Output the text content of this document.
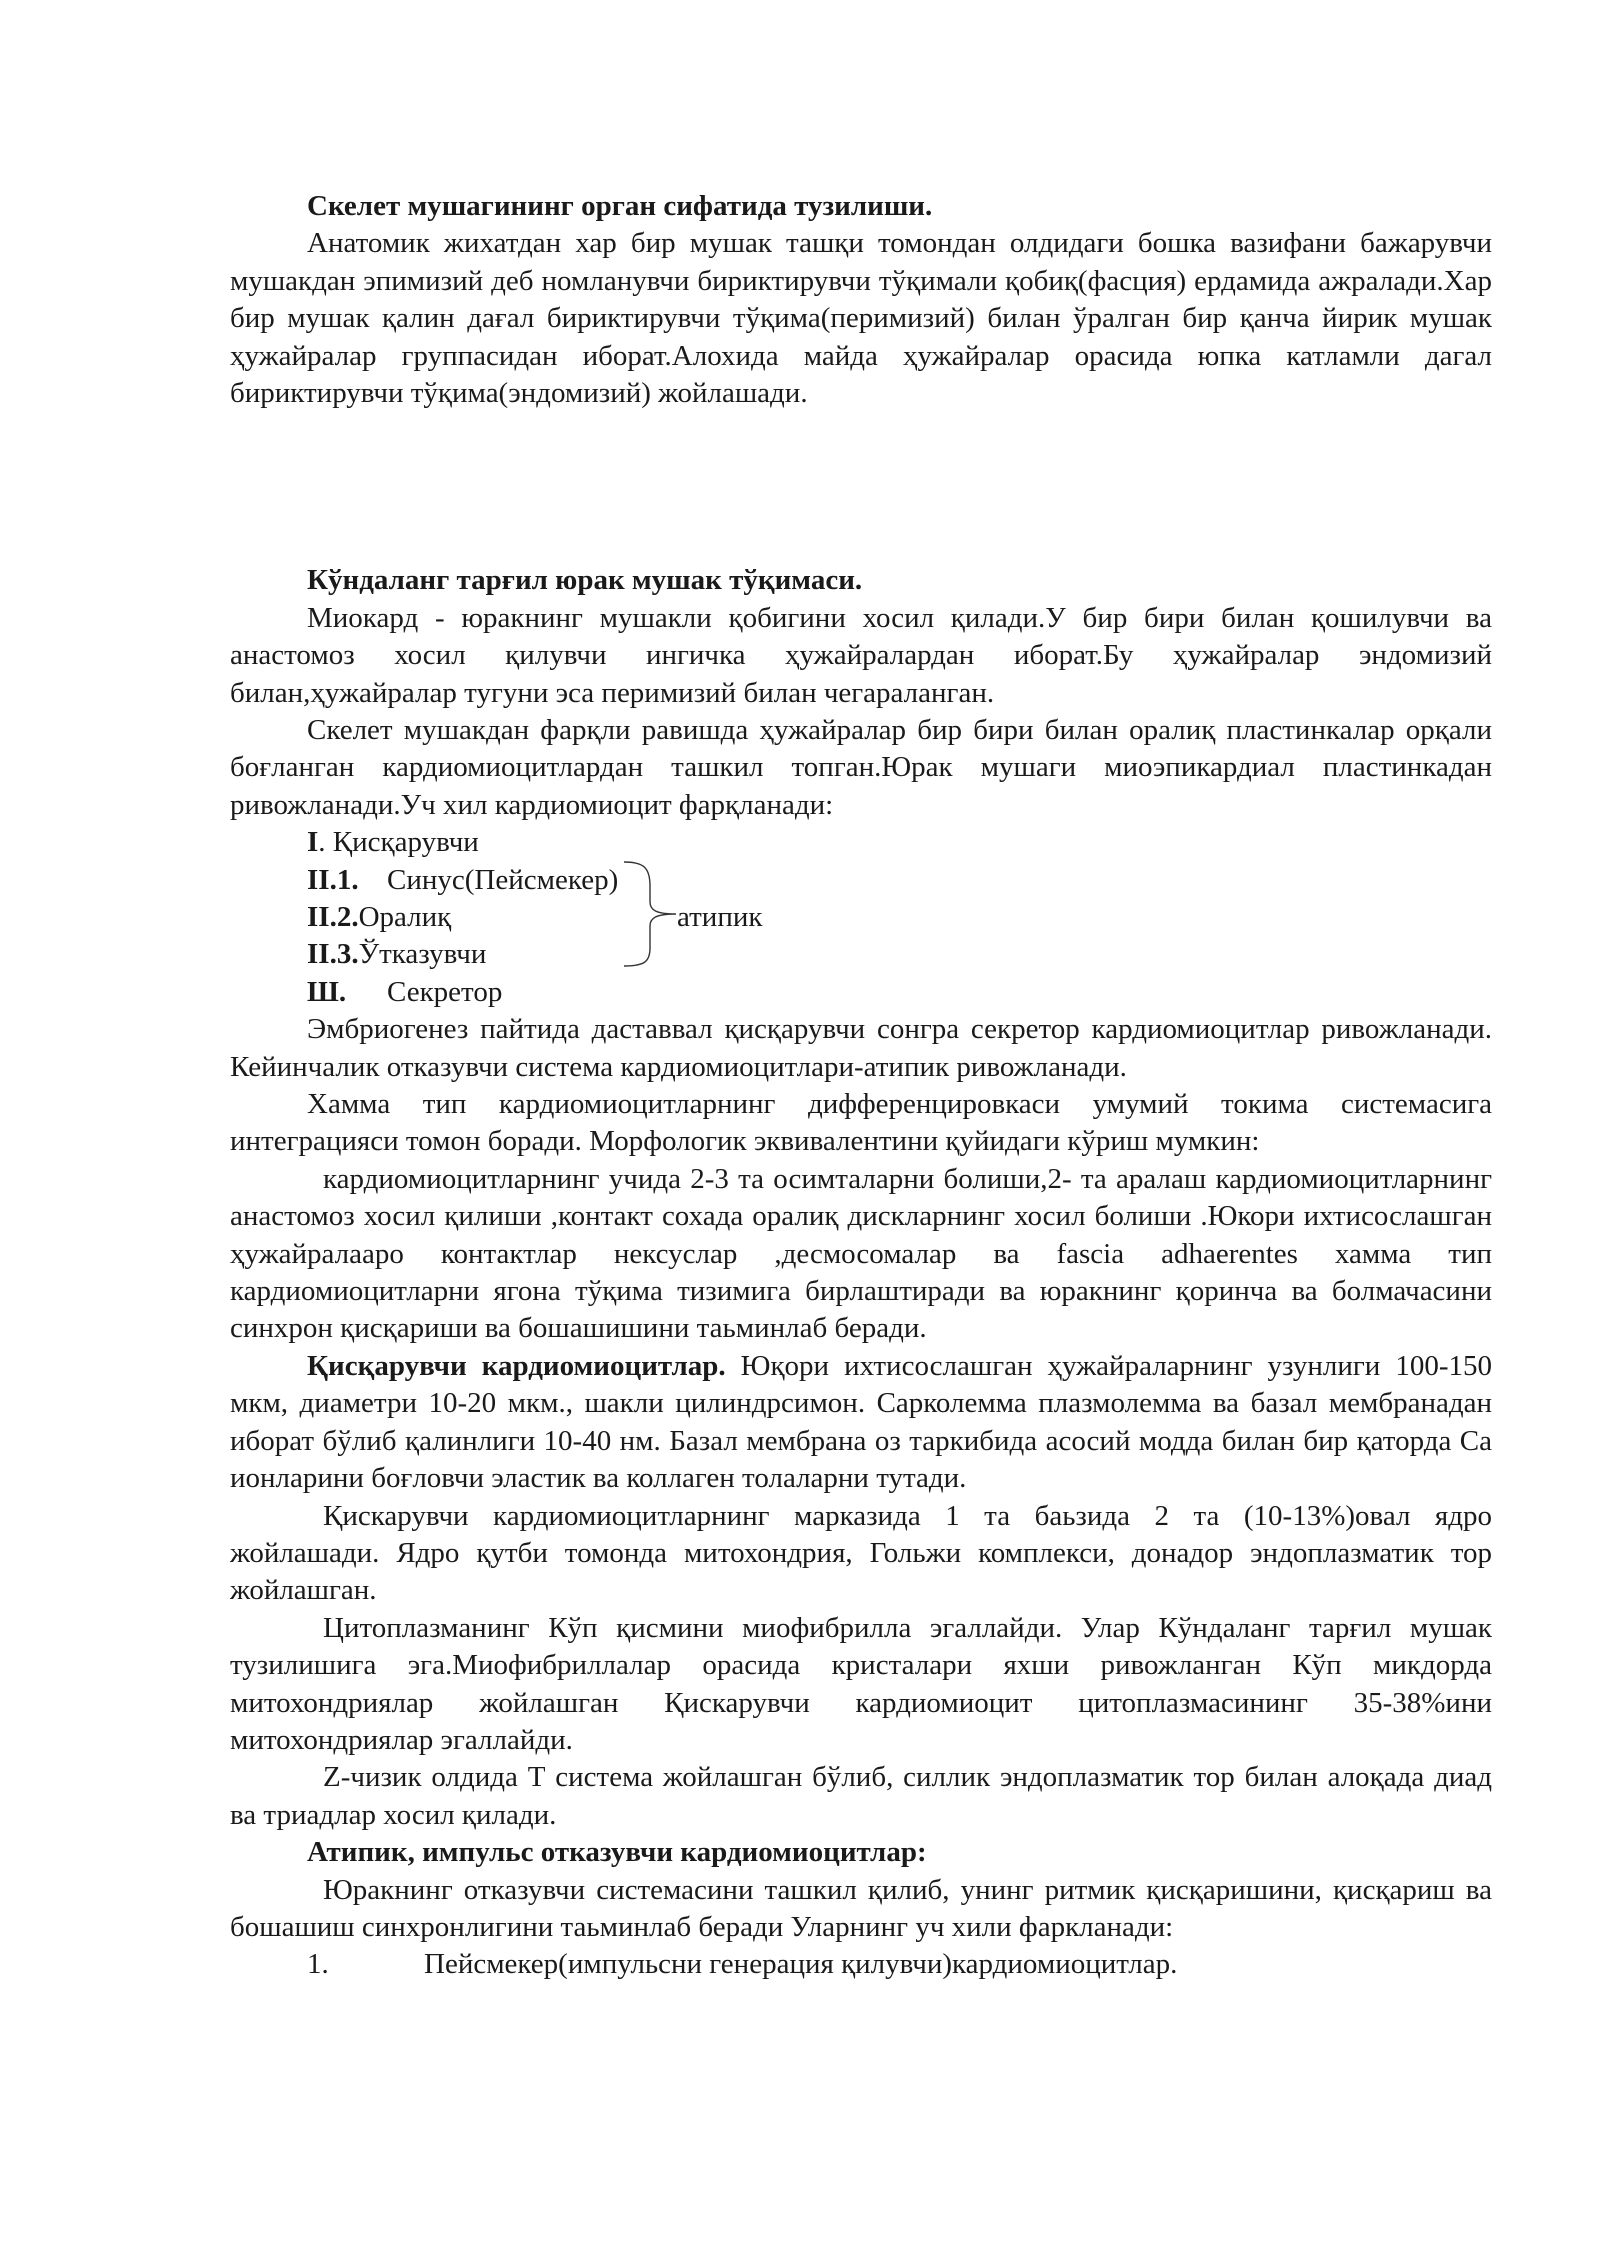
Скелет мушагининг орган сифатида тузилиши.

Анатомик жихатдан хар бир мушак ташқи томондан олдидаги бошка вазифани бажарувчи мушакдан эпимизий деб номланувчи бириктирувчи тўқимали қобиқ(фасция) ердамида ажралади.Хар бир мушак қалин дағал бириктирувчи тўқима(перимизий) билан ўралган бир қанча йирик мушак ҳужайралар группасидан иборат.Алохида майда ҳужайралар орасида юпка катламли дагал бириктирувчи тўқима(эндомизий) жойлашади.

Кўндаланг тарғил юрак мушак тўқимаси.

Миокард - юракнинг мушакли қобигини хосил қилади.У бир бири билан қошилувчи ва анастомоз хосил қилувчи ингичка ҳужайралардан иборат.Бу ҳужайралар эндомизий билан,ҳужайралар тугуни эса перимизий билан чегараланган.

Скелет мушакдан фарқли равишда ҳужайралар бир бири билан оралиқ пластинкалар орқали боғланган кардиомиоцитлардан ташкил топган.Юрак мушаги миоэпикардиал пластинкадан ривожланади.Уч хил кардиомиоцит фарқланади:

I. Қисқарувчи
II.1. Синус(Пейсмекер)
II.2.Оралиқ
II.3.Ўтказувчи
Ш. Секретор
атипик

Эмбриогенез пайтида даставвал қисқарувчи сонгра секретор кардиомиоцитлар ривожланади. Кейинчалик отказувчи система кардиомиоцитлари-атипик ривожланади.

Хамма тип кардиомиоцитларнинг дифференцировкаси умумий токима системасига интеграцияси томон боради. Морфологик эквивалентини қуйидаги кўриш мумкин:

кардиомиоцитларнинг учида 2-3 та осимталарни болиши,2- та аралаш кардиомиоцитларнинг анастомоз хосил қилиши ,контакт сохада оралиқ дискларнинг хосил болиши .Юкори ихтисослашган ҳужайралаaро контактлар нексуслар ,десмосомалар ва fascia adhaerentes хамма тип кардиомиоцитларни ягона тўқима тизимига бирлаштиради ва юракнинг қоринча ва болмачасини синхрон қисқариши ва бошашишини таьминлаб беради.

Қисқарувчи кардиомиоцитлар. Юқори ихтисослашган ҳужайраларнинг узунлиги 100-150 мкм, диаметри 10-20 мкм., шакли цилиндрсимон. Сарколемма плазмолемма ва базал мембранадан иборат бўлиб қалинлиги 10-40 нм. Базал мембрана оз таркибида асосий модда билан бир қаторда Са ионларини боғловчи эластик ва коллаген толаларни тутади.

Қискарувчи кардиомиоцитларнинг марказида 1 та баьзида 2 та (10-13%)овал ядро жойлашади. Ядро қутби томонда митохондрия, Гольжи комплекси, донадор эндоплазматик тор жойлашган.

Цитоплазманинг Кўп қисмини миофибрилла эгаллайди. Улар Кўндаланг тарғил мушак тузилишига эга.Миофибриллалар орасида кристалари яхши ривожланган Кўп микдорда митохондриялар жойлашган Қискарувчи кардиомиоцит цитоплазмасининг 35-38%ини митохондриялар эгаллайди.

Z-чизик олдида Т система жойлашган бўлиб, силлик эндоплазматик тор билан алоқада диад ва триадлар хосил қилади.

Атипик, импульс отказувчи кардиомиоцитлар:

Юракнинг отказувчи системасини ташкил қилиб, унинг ритмик қисқаришини, қисқариш ва бошашиш синхронлигини таьминлаб беради Уларнинг уч хили фаркланади:

1.	Пейсмекер(импульсни генерация қилувчи)кардиомиоцитлар.
